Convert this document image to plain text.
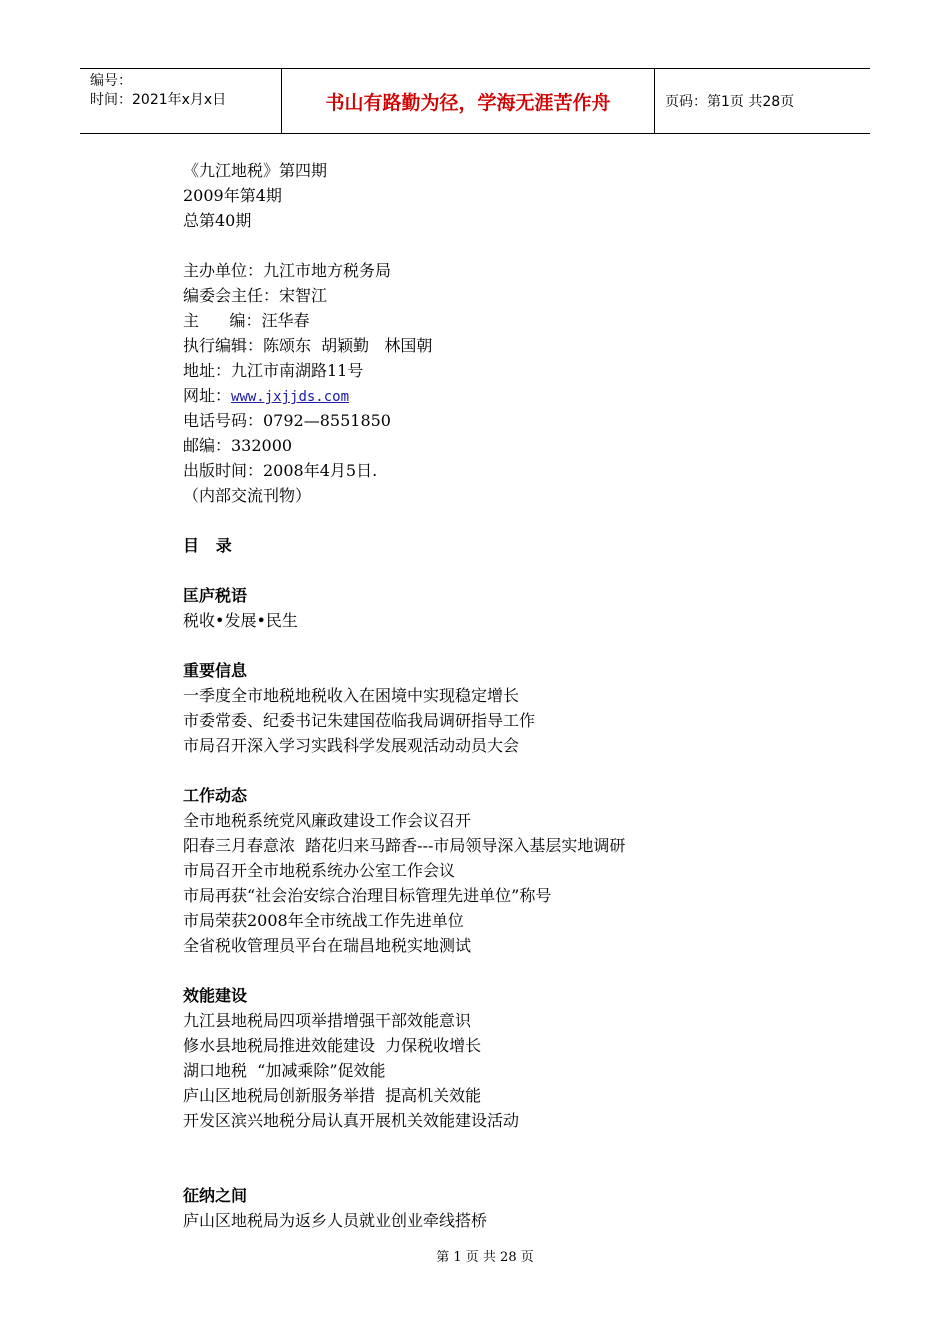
编号：
时间：2021年x月x日	书山有路勤为径，学海无涯苦作舟	页码：第1页 共28页
《九江地税》第四期
2009年第4期
总第40期
主办单位：九江市地方税务局
编委会主任：宋智江
主      编：汪华春
执行编辑：陈颂东  胡颖勤   林国朝
地址：九江市南湖路11号
网址：www.jxjjds.com
电话号码：0792—8551850
邮编：332000
出版时间：2008年4月5日.
（内部交流刊物）
目   录
匡庐税语
税收•发展•民生
重要信息
一季度全市地税地税收入在困境中实现稳定增长
市委常委、纪委书记朱建国莅临我局调研指导工作
市局召开深入学习实践科学发展观活动动员大会
工作动态
全市地税系统党风廉政建设工作会议召开
阳春三月春意浓  踏花归来马蹄香---市局领导深入基层实地调研
市局召开全市地税系统办公室工作会议
市局再获“社会治安综合治理目标管理先进单位”称号
市局荣获2008年全市统战工作先进单位
全省税收管理员平台在瑞昌地税实地测试
效能建设
九江县地税局四项举措增强干部效能意识
修水县地税局推进效能建设  力保税收增长
湖口地税  “加减乘除”促效能
庐山区地税局创新服务举措  提高机关效能
开发区滨兴地税分局认真开展机关效能建设活动
征纳之间
庐山区地税局为返乡人员就业创业牵线搭桥
第 1 页 共 28 页
